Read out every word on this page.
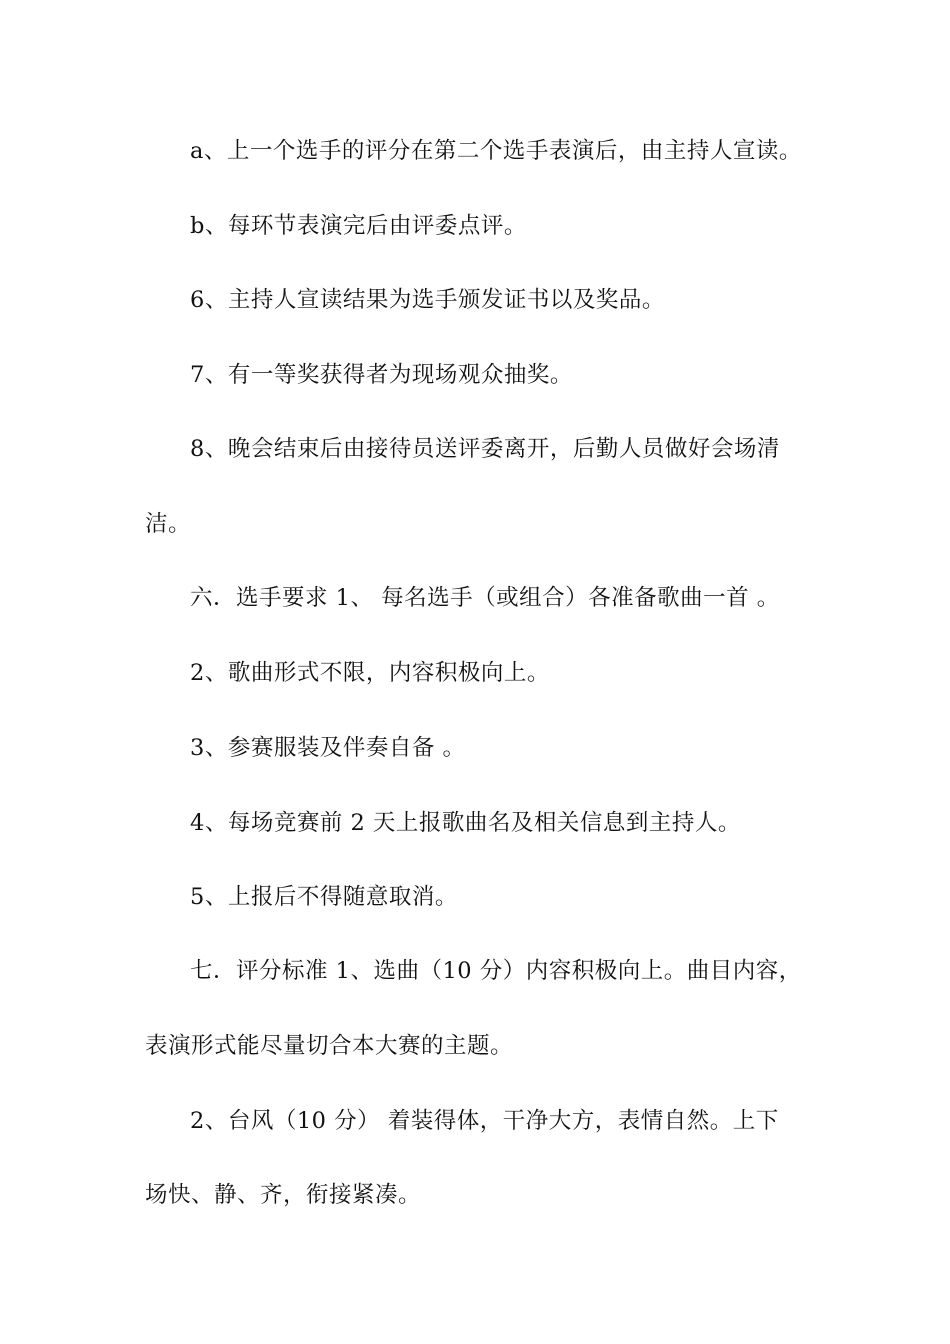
a、上一个选手的评分在第二个选手表演后，由主持人宣读。
b、每环节表演完后由评委点评。
6、主持人宣读结果为选手颁发证书以及奖品。
7、有一等奖获得者为现场观众抽奖。
8、晚会结束后由接待员送评委离开，后勤人员做好会场清
洁。
六．选手要求 1、 每名选手（或组合）各准备歌曲一首 。
2、歌曲形式不限，内容积极向上。
3、参赛服装及伴奏自备 。
4、每场竞赛前 2 天上报歌曲名及相关信息到主持人。
5、上报后不得随意取消。
七．评分标准 1、选曲（10 分）内容积极向上。曲目内容，
表演形式能尽量切合本大赛的主题。
2、台风（10 分） 着装得体，干净大方，表情自然。上下
场快、静、齐，衔接紧凑。
